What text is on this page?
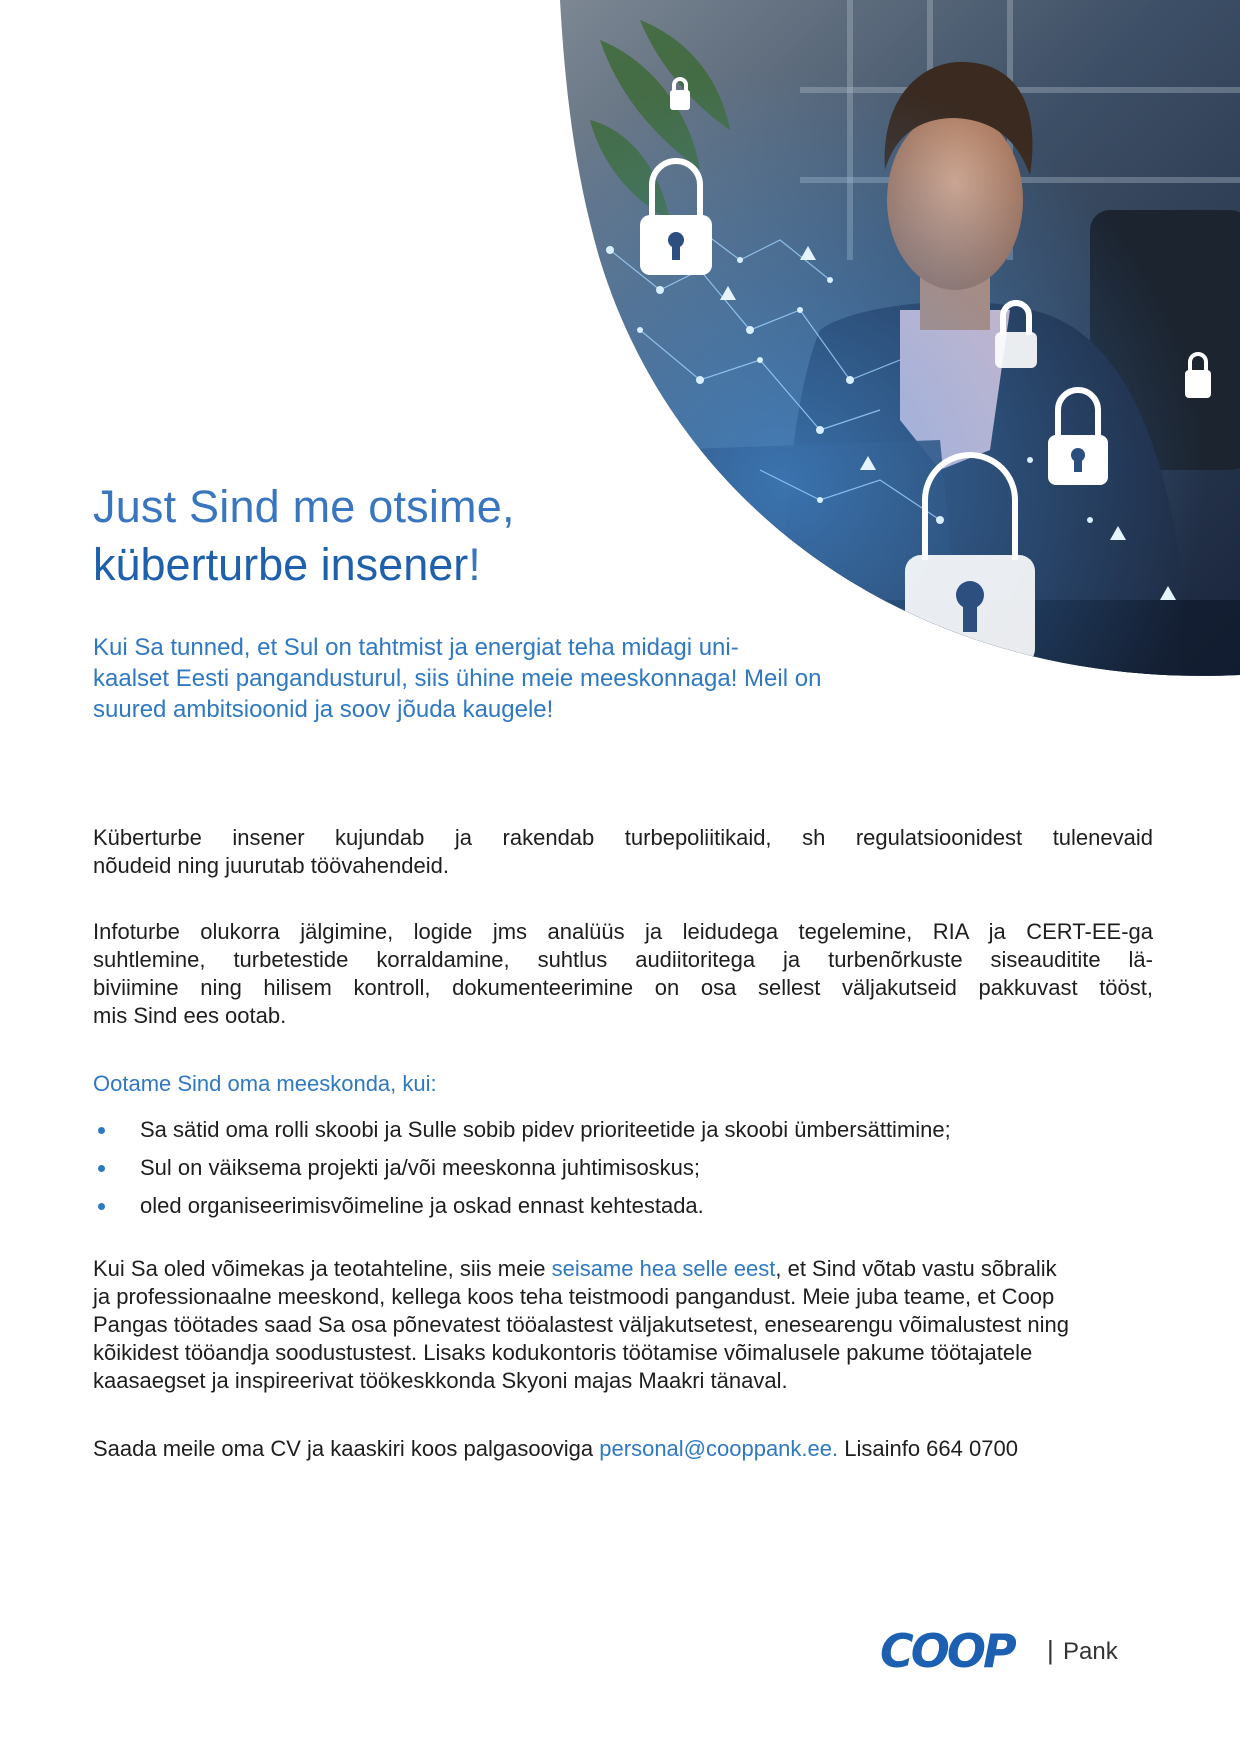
Just Sind me otsime,
küberturbe insener!
Kui Sa tunned, et Sul on tahtmist ja energiat teha midagi uni-
kaalset Eesti pangandusturul, siis ühine meie meeskonnaga! Meil on
suured ambitsioonid ja soov jõuda kaugele!
Küberturbe insener kujundab ja rakendab turbepoliitikaid, sh regulatsioonidest tulenevaid
nõudeid ning juurutab töövahendeid.
Infoturbe olukorra jälgimine, logide jms analüüs ja leidudega tegelemine, RIA ja CERT-EE-ga
suhtlemine, turbetestide korraldamine, suhtlus audiitoritega ja turbenõrkuste siseauditite lä-
biviimine ning hilisem kontroll, dokumenteerimine on osa sellest väljakutseid pakkuvast tööst,
mis Sind ees ootab.
Ootame Sind oma meeskonda, kui:
Sa sätid oma rolli skoobi ja Sulle sobib pidev prioriteetide ja skoobi ümbersättimine;
Sul on väiksema projekti ja/või meeskonna juhtimisoskus;
oled organiseerimisvõimeline ja oskad ennast kehtestada.
Kui Sa oled võimekas ja teotahteline, siis meie seisame hea selle eest, et Sind võtab vastu sõbralik
ja professionaalne meeskond, kellega koos teha teistmoodi pangandust. Meie juba teame, et Coop
Pangas töötades saad Sa osa põnevatest tööalastest väljakutsetest, enesearengu võimalustest ning
kõikidest tööandja soodustustest. Lisaks kodukontoris töötamise võimalusele pakume töötajatele
kaasaegset ja inspireerivat töökeskkonda Skyoni majas Maakri tänaval.
Saada meile oma CV ja kaaskiri koos palgasooviga personal@cooppank.ee. Lisainfo 664 0700
COOP | Pank
